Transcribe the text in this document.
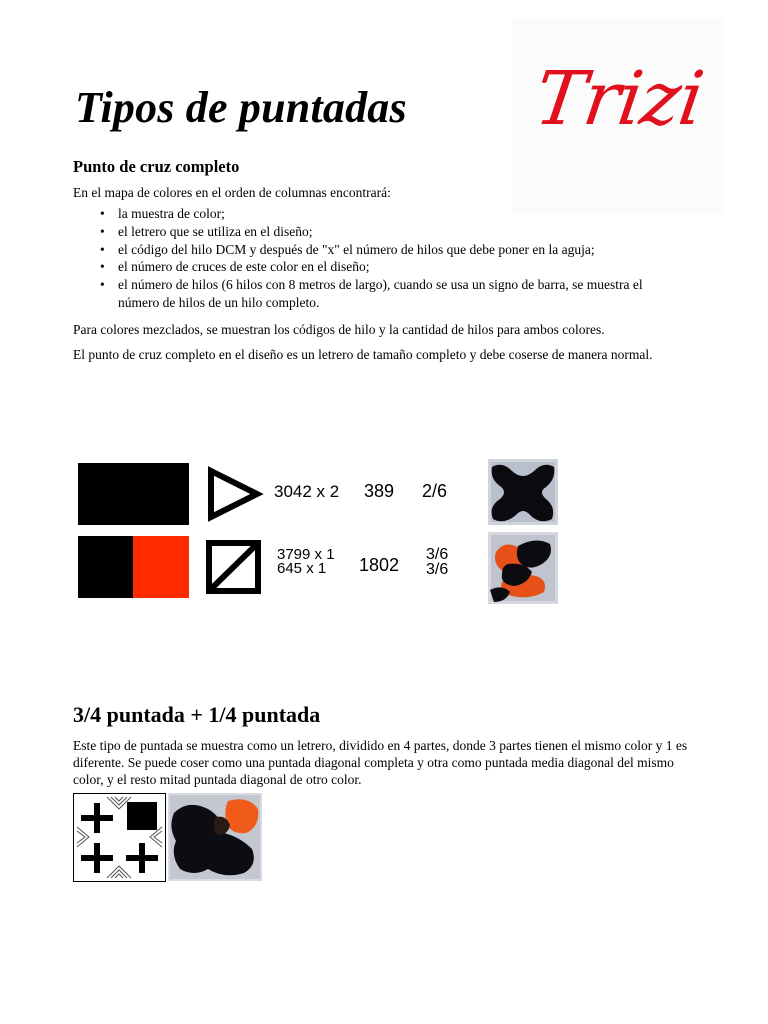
Tipos de puntadas Trizi
Punto de cruz completo

En el mapa de colores en el orden de columnas encontrará:

• la muestra de color;
• el letrero que se utiliza en el diseño;
• el código del hilo DCM y después de "x" el número de hilos que debe poner en la aguja;
• el número de cruces de este color en el diseño;
• el número de hilos (6 hilos con 8 metros de largo), cuando se usa un signo de barra, se muestra el número de hilos de un hilo completo.

Para colores mezclados, se muestran los códigos de hilo y la cantidad de hilos para ambos colores.

El punto de cruz completo en el diseño es un letrero de tamaño completo y debe coserse de manera normal.

3042 x 2 389 2/6
3799 x 1
645 x 1	1802
3/6
3/6
3/4 puntada + 1/4 puntada

Este tipo de puntada se muestra como un letrero, dividido en 4 partes, donde 3 partes tienen el mismo color y 1 es diferente. Se puede coser como una puntada diagonal completa y otra como puntada media diagonal del mismo color, y el resto mitad puntada diagonal de otro color.
